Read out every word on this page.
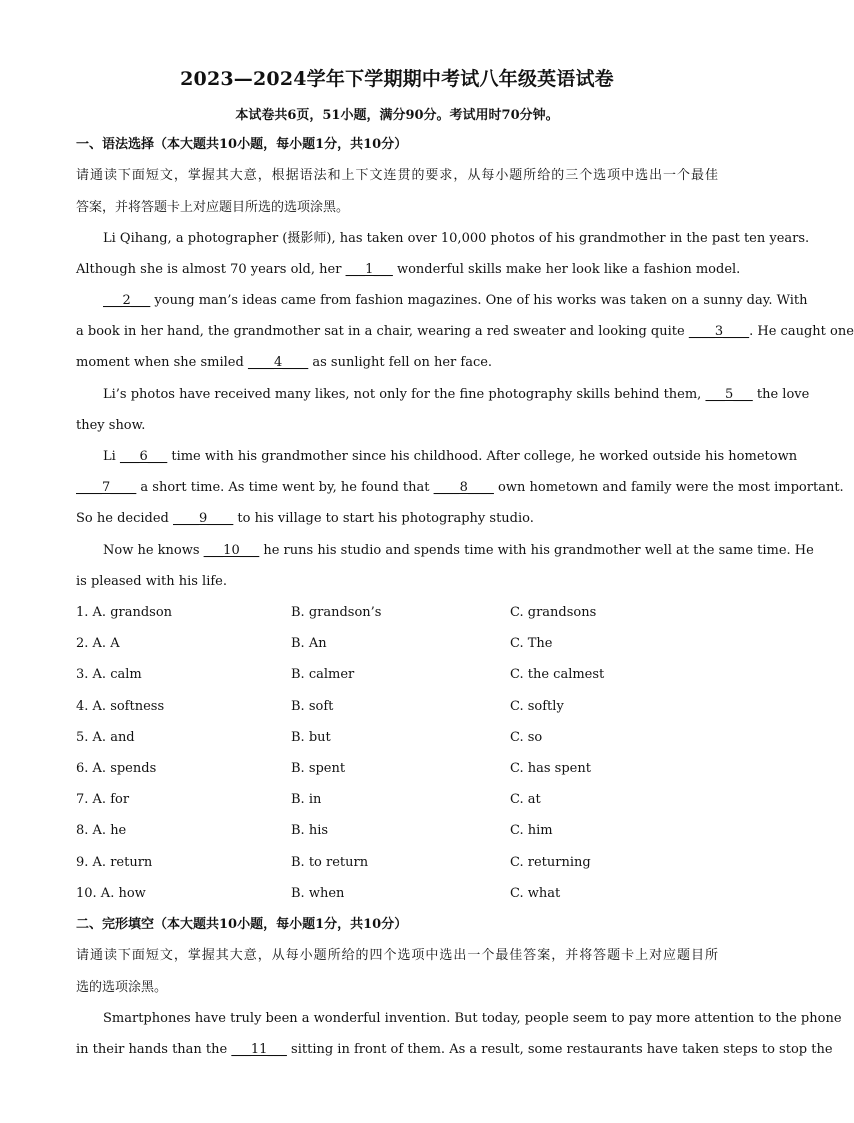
2023—2024学年下学期期中考试八年级英语试卷
本试卷共6页，51小题，满分90分。考试用时70分钟。
一、语法选择（本大题共10小题，每小题1分，共10分）
请通读下面短文，掌握其大意，根据语法和上下文连贯的要求，从每小题所给的三个选项中选出一个最佳
答案，并将答题卡上对应题目所选的选项涂黑。
Li Qihang, a photographer (摄影师), has taken over 10,000 photos of his grandmother in the past ten years.
Although she is almost 70 years old, her ___1___ wonderful skills make her look like a fashion model.
___2___ young man’s ideas came from fashion magazines. One of his works was taken on a sunny day. With
a book in her hand, the grandmother sat in a chair, wearing a red sweater and looking quite ____3____. He caught one
moment when she smiled ____4____ as sunlight fell on her face.
Li’s photos have received many likes, not only for the fine photography skills behind them, ___5___ the love
they show.
Li ___6___ time with his grandmother since his childhood. After college, he worked outside his hometown
____7____ a short time. As time went by, he found that ____8____ own hometown and family were the most important.
So he decided ____9____ to his village to start his photography studio.
Now he knows ___10___ he runs his studio and spends time with his grandmother well at the same time. He
is pleased with his life.
1. A. grandson	B. grandson’s	C. grandsons
2. A. A	B. An	C. The
3. A. calm	B. calmer	C. the calmest
4. A. softness	B. soft	C. softly
5. A. and	B. but	C. so
6. A. spends	B. spent	C. has spent
7. A. for	B. in	C. at
8. A. he	B. his	C. him
9. A. return	B. to return	C. returning
10. A. how	B. when	C. what
二、完形填空（本大题共10小题，每小题1分，共10分）
请通读下面短文，掌握其大意，从每小题所给的四个选项中选出一个最佳答案，并将答题卡上对应题目所
选的选项涂黑。
Smartphones have truly been a wonderful invention. But today, people seem to pay more attention to the phone
in their hands than the ___11___ sitting in front of them. As a result, some restaurants have taken steps to stop the
